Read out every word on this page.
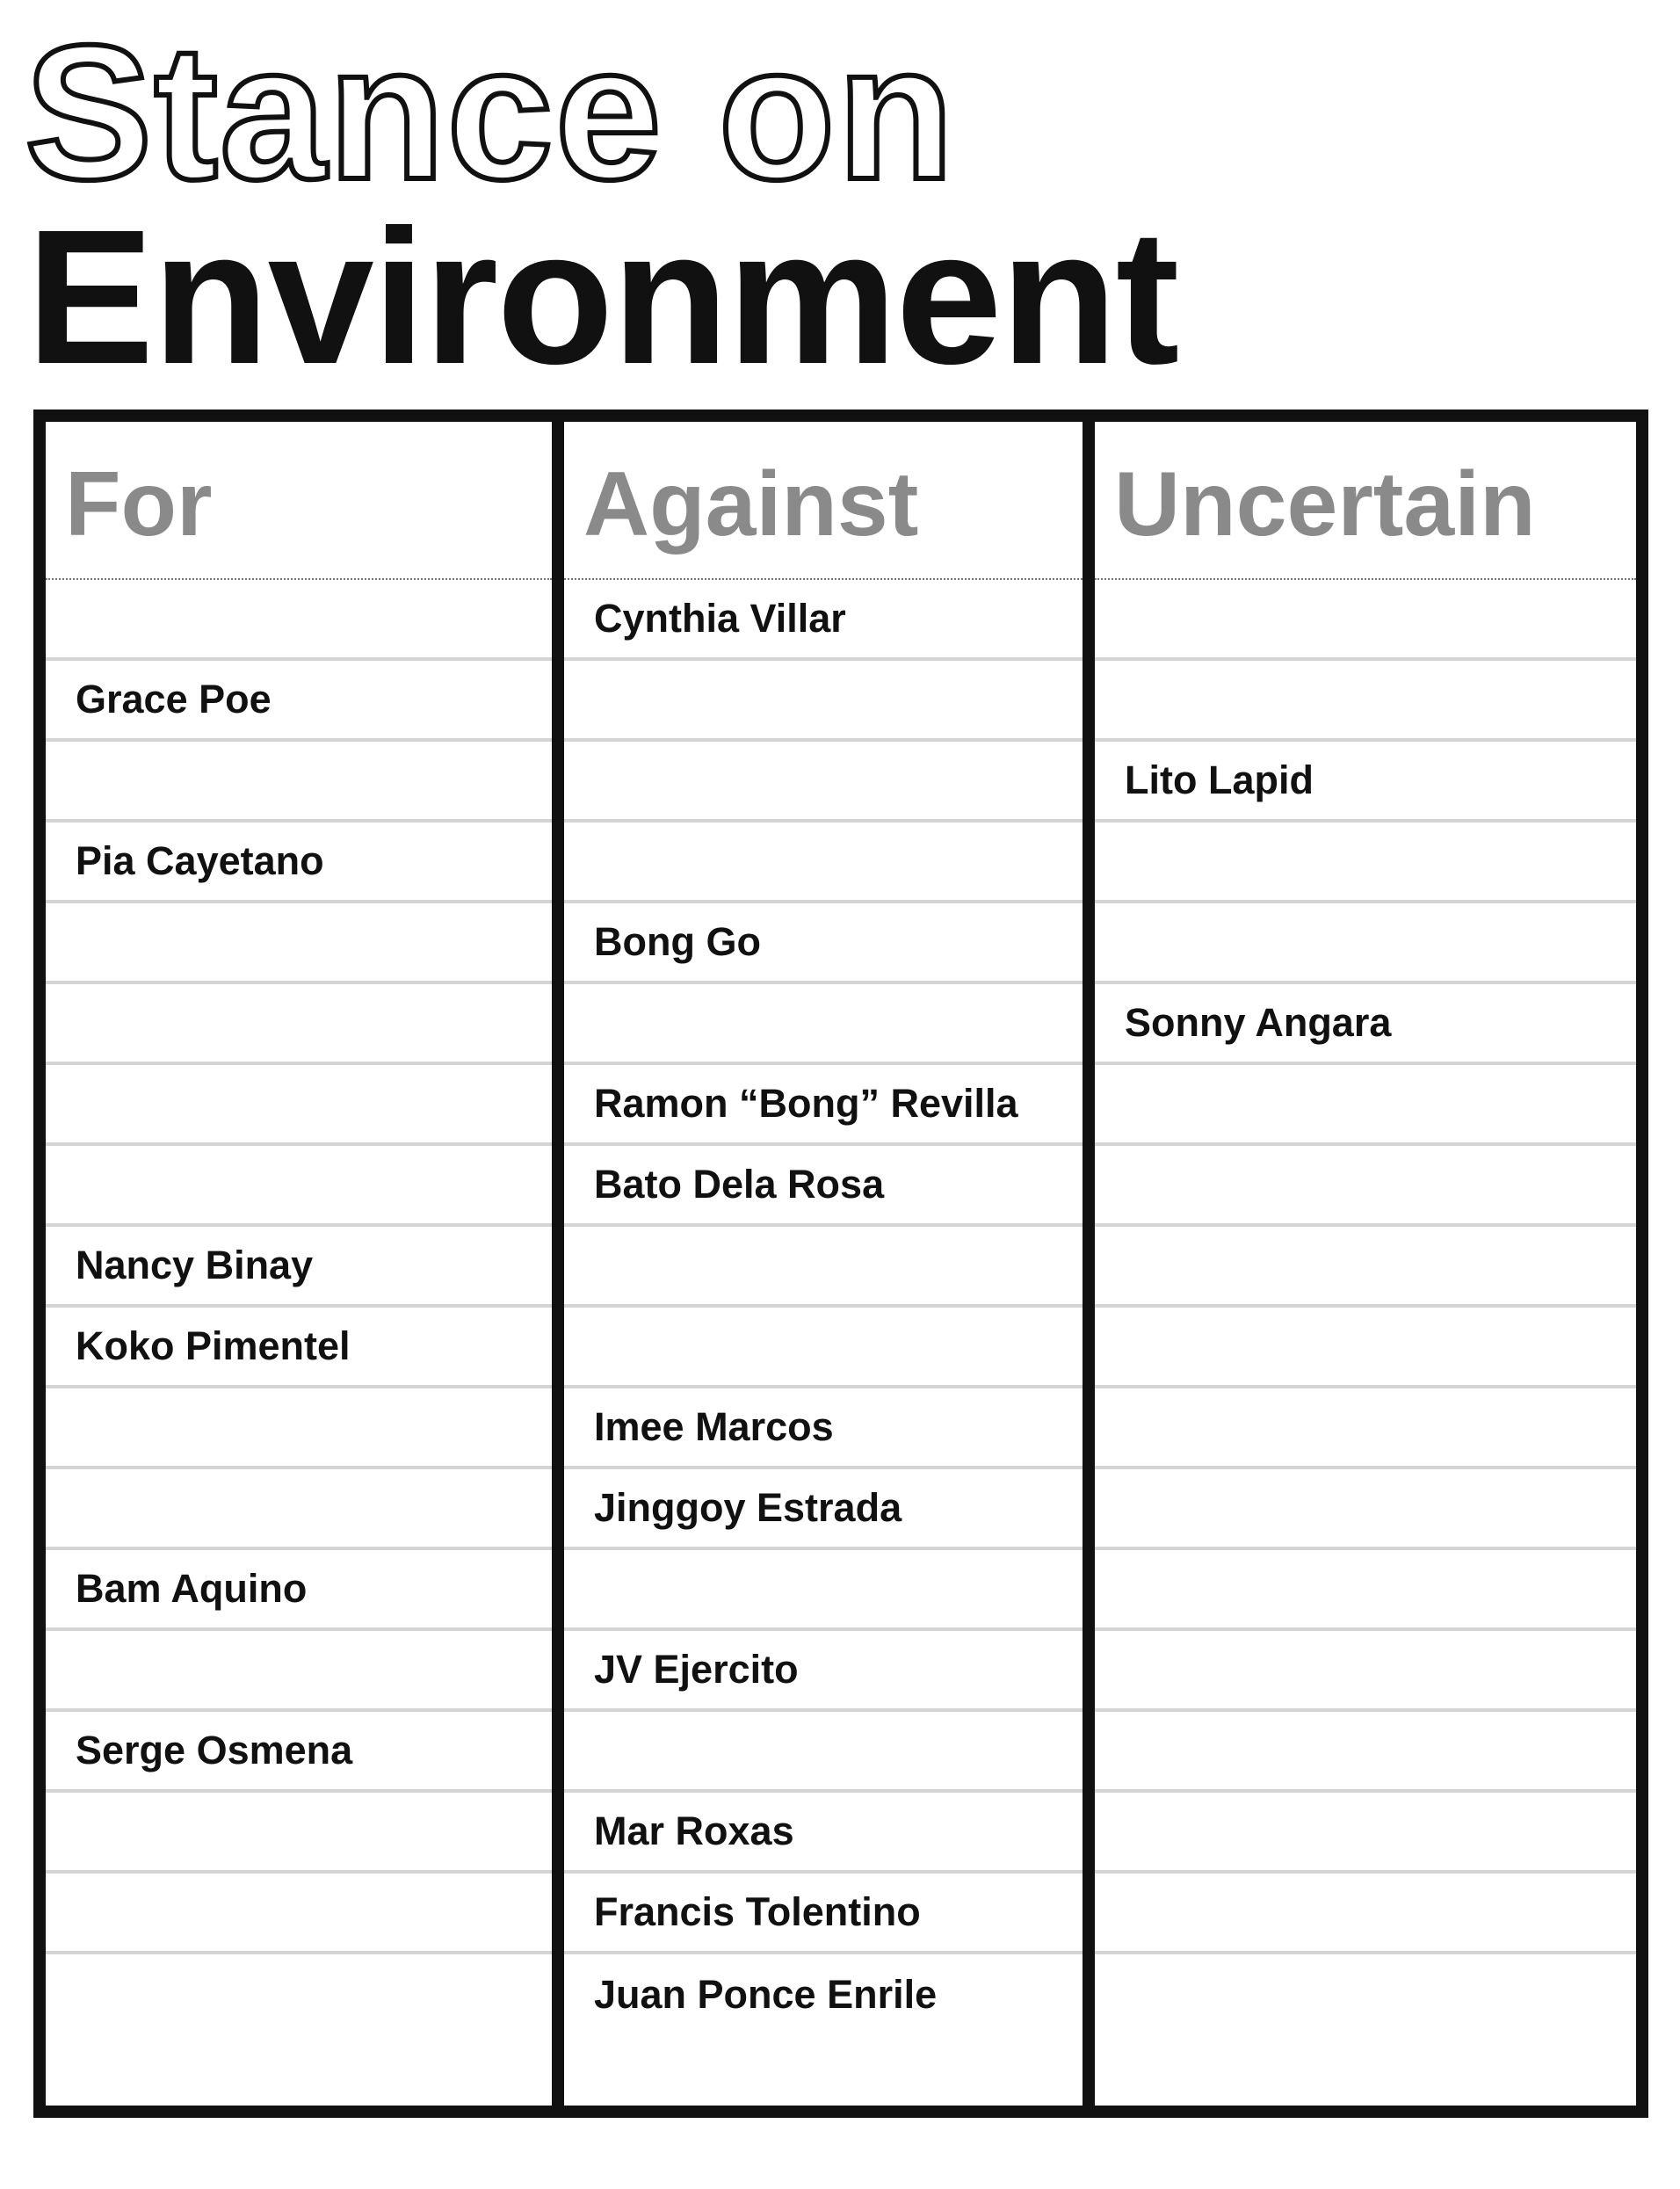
Stance on
Environment
For
Grace Poe
Pia Cayetano
Nancy Binay
Koko Pimentel
Bam Aquino
Serge Osmena
Against
Cynthia Villar
Bong Go
Ramon “Bong” Revilla
Bato Dela Rosa
Imee Marcos
Jinggoy Estrada
JV Ejercito
Mar Roxas
Francis Tolentino
Juan Ponce Enrile
Uncertain
Lito Lapid
Sonny Angara
